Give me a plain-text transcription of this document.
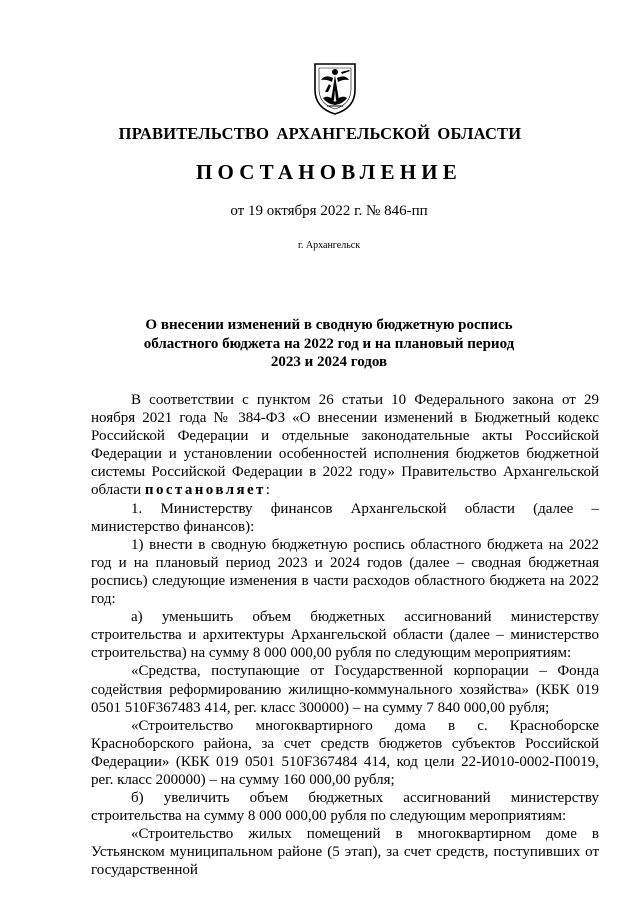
ПРАВИТЕЛЬСТВО АРХАНГЕЛЬСКОЙ ОБЛАСТИ
ПОСТАНОВЛЕНИЕ
от 19 октября 2022 г. № 846-пп
г. Архангельск
О внесении изменений в сводную бюджетную роспись
областного бюджета на 2022 год и на плановый период
2023 и 2024 годов

В соответствии с пунктом 26 статьи 10 Федерального закона от 29 ноября 2021 года № 384-ФЗ «О внесении изменений в Бюджетный кодекс Российской Федерации и отдельные законодательные акты Российской Федерации и установлении особенностей исполнения бюджетов бюджетной системы Российской Федерации в 2022 году» Правительство Архангельской области постановляет:

1. Министерству финансов Архангельской области (далее – министерство финансов):

1) внести в сводную бюджетную роспись областного бюджета на 2022 год и на плановый период 2023 и 2024 годов (далее – сводная бюджетная роспись) следующие изменения в части расходов областного бюджета на 2022 год:

а) уменьшить объем бюджетных ассигнований министерству строительства и архитектуры Архангельской области (далее – министерство строительства) на сумму 8 000 000,00 рубля по следующим мероприятиям:

«Средства, поступающие от Государственной корпорации – Фонда содействия реформированию жилищно-коммунального хозяйства» (КБК 019 0501 510F367483 414, рег. класс 300000) – на сумму 7 840 000,00 рубля;

«Строительство многоквартирного дома в с. Красноборске Красноборского района, за счет средств бюджетов субъектов Российской Федерации» (КБК 019 0501 510F367484 414, код цели 22-И010-0002-П0019, рег. класс 200000) – на сумму 160 000,00 рубля;

б) увеличить объем бюджетных ассигнований министерству строительства на сумму 8 000 000,00 рубля по следующим мероприятиям:

«Строительство жилых помещений в многоквартирном доме в Устьянском муниципальном районе (5 этап), за счет средств, поступивших от государственной
